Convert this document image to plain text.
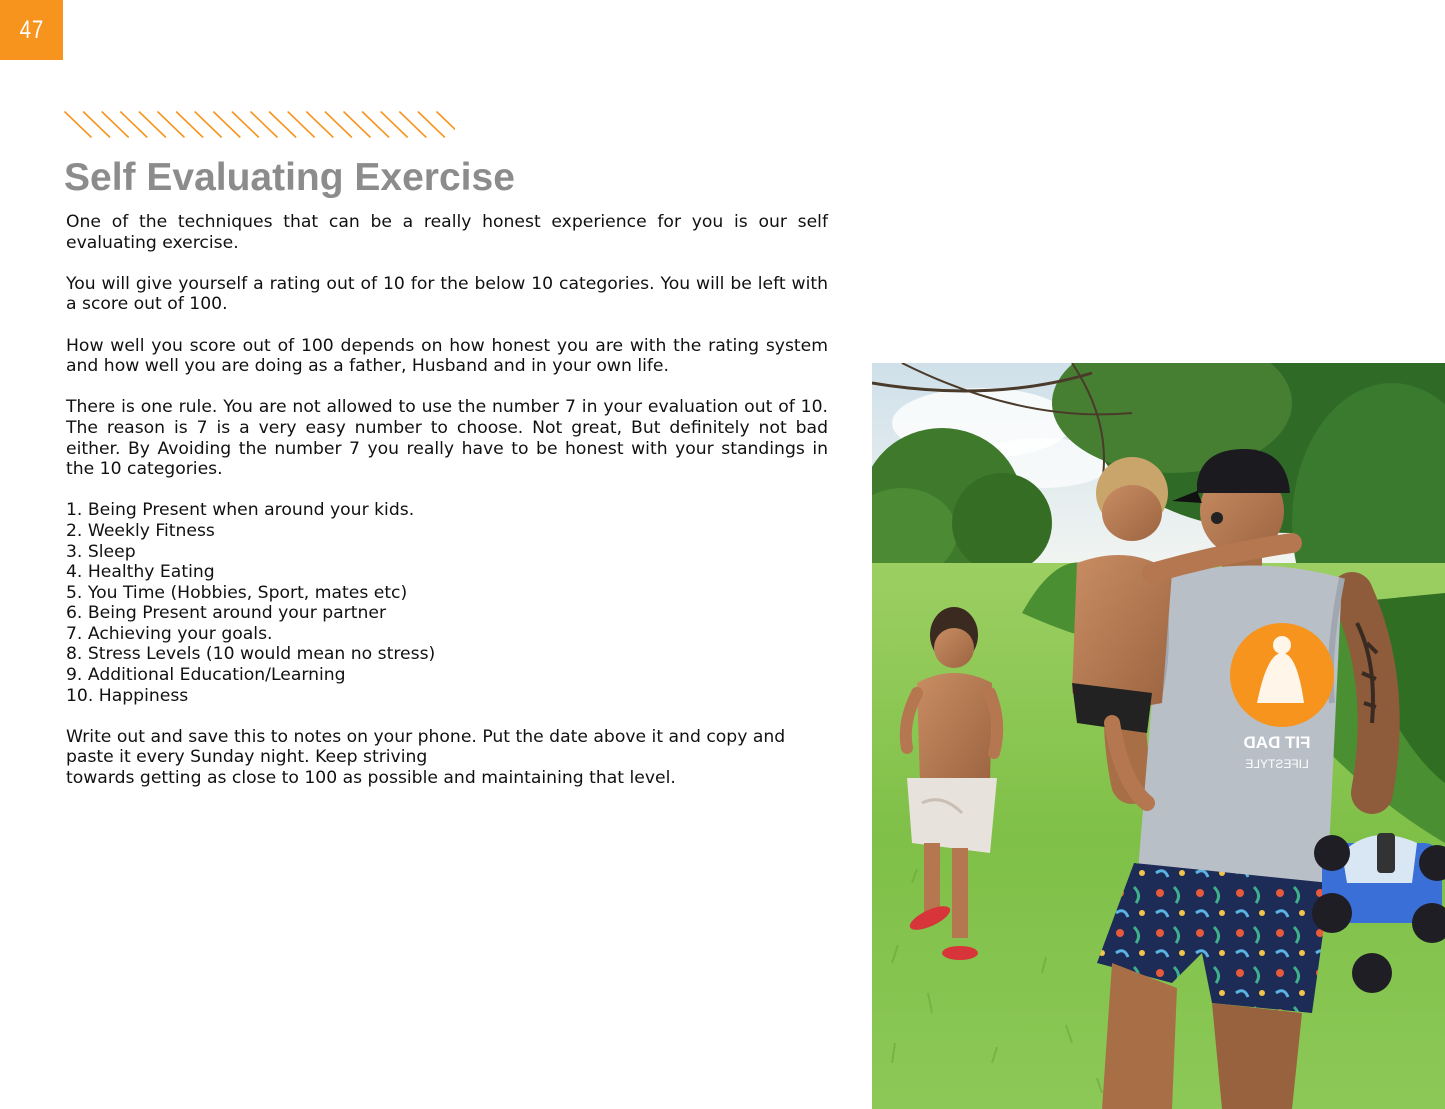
47
Self Evaluating Exercise

One of the techniques that can be a really honest experience for you is our self evaluating exercise.

You will give yourself a rating out of 10 for the below 10 categories. You will be left with a score out of 100.

How well you score out of 100 depends on how honest you are with the rating system and how well you are doing as a father, Husband and in your own life.

There is one rule. You are not allowed to use the number 7 in your evaluation out of 10. The reason is 7 is a very easy number to choose. Not great, But definitely not bad either. By Avoiding the number 7 you really have to be honest with your standings in the 10 categories.

1. Being Present when around your kids.
2. Weekly Fitness
3. Sleep
4. Healthy Eating
5. You Time (Hobbies, Sport, mates etc)
6. Being Present around your partner
7. Achieving your goals.
8. Stress Levels (10 would mean no stress)
9. Additional Education/Learning
10. Happiness

Write out and save this to notes on your phone. Put the date above it and copy and paste it every Sunday night. Keep striving
towards getting as close to 100 as possible and maintaining that level.

FIT DAD
LIFESTYLE
